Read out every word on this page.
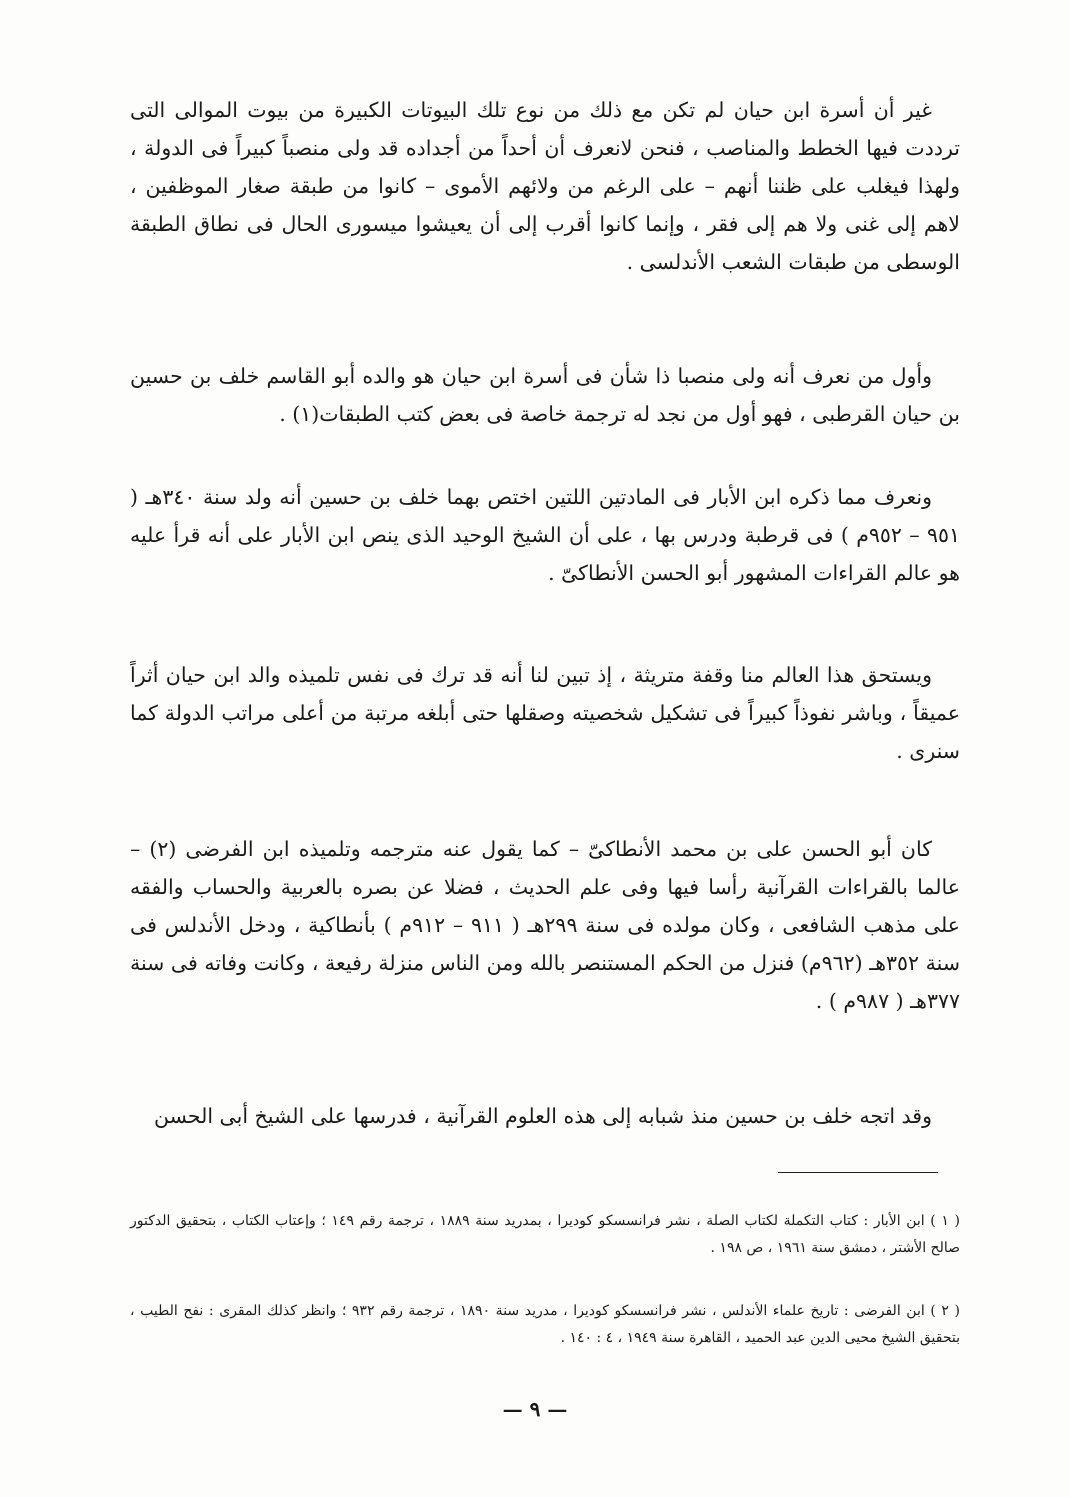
غير أن أسرة ابن حيان لم تكن مع ذلك من نوع تلك البيوتات الكبيرة من بيوت الموالى التى ترددت فيها الخطط والمناصب ، فنحن لانعرف أن أحداً من أجداده قد ولى منصباً كبيراً فى الدولة ، ولهذا فيغلب على ظننا أنهم – على الرغم من ولائهم الأموى – كانوا من طبقة صغار الموظفين ، لاهم إلى غنى ولا هم إلى فقر ، وإنما كانوا أقرب إلى أن يعيشوا ميسورى الحال فى نطاق الطبقة الوسطى من طبقات الشعب الأندلسى .

وأول من نعرف أنه ولى منصبا ذا شأن فى أسرة ابن حيان هو والده أبو القاسم خلف بن حسين بن حيان القرطبى ، فهو أول من نجد له ترجمة خاصة فى بعض كتب الطبقات(١) .

ونعرف مما ذكره ابن الأبار فى المادتين اللتين اختص بهما خلف بن حسين أنه ولد سنة ٣٤٠هـ ( ٩٥١ – ٩٥٢م ) فى قرطبة ودرس بها ، على أن الشيخ الوحيد الذى ينص ابن الأبار على أنه قرأ عليه هو عالم القراءات المشهور أبو الحسن الأنطاكىّ .

ويستحق هذا العالم منا وقفة متريثة ، إذ تبين لنا أنه قد ترك فى نفس تلميذه والد ابن حيان أثراً عميقاً ، وباشر نفوذاً كبيراً فى تشكيل شخصيته وصقلها حتى أبلغه مرتبة من أعلى مراتب الدولة كما سنرى .

كان أبو الحسن على بن محمد الأنطاكىّ – كما يقول عنه مترجمه وتلميذه ابن الفرضى (٢) – عالما بالقراءات القرآنية رأسا فيها وفى علم الحديث ، فضلا عن بصره بالعربية والحساب والفقه على مذهب الشافعى ، وكان مولده فى سنة ٢٩٩هـ ( ٩١١ – ٩١٢م ) بأنطاكية ، ودخل الأندلس فى سنة ٣٥٢هـ (٩٦٢م) فنزل من الحكم المستنصر بالله ومن الناس منزلة رفيعة ، وكانت وفاته فى سنة ٣٧٧هـ ( ٩٨٧م ) .

وقد اتجه خلف بن حسين منذ شبابه إلى هذه العلوم القرآنية ، فدرسها على الشيخ أبى الحسن

( ١ ) ابن الأبار : كتاب التكملة لكتاب الصلة ، نشر فرانسسكو كوديرا ، بمدريد سنة ١٨٨٩ ، ترجمة رقم ١٤٩ ؛ وإعتاب الكتاب ، بتحقيق الدكتور صالح الأشتر ، دمشق سنة ١٩٦١ ، ص ١٩٨ .

( ٢ ) ابن الفرضى : تاريخ علماء الأندلس ، نشر فرانسسكو كوديرا ، مدريد سنة ١٨٩٠ ، ترجمة رقم ٩٣٢ ؛ وانظر كذلك المقرى : نفح الطيب ، بتحقيق الشيخ محيى الدين عبد الحميد ، القاهرة سنة ١٩٤٩ ، ٤ : ١٤٠ .

— ٩ —
